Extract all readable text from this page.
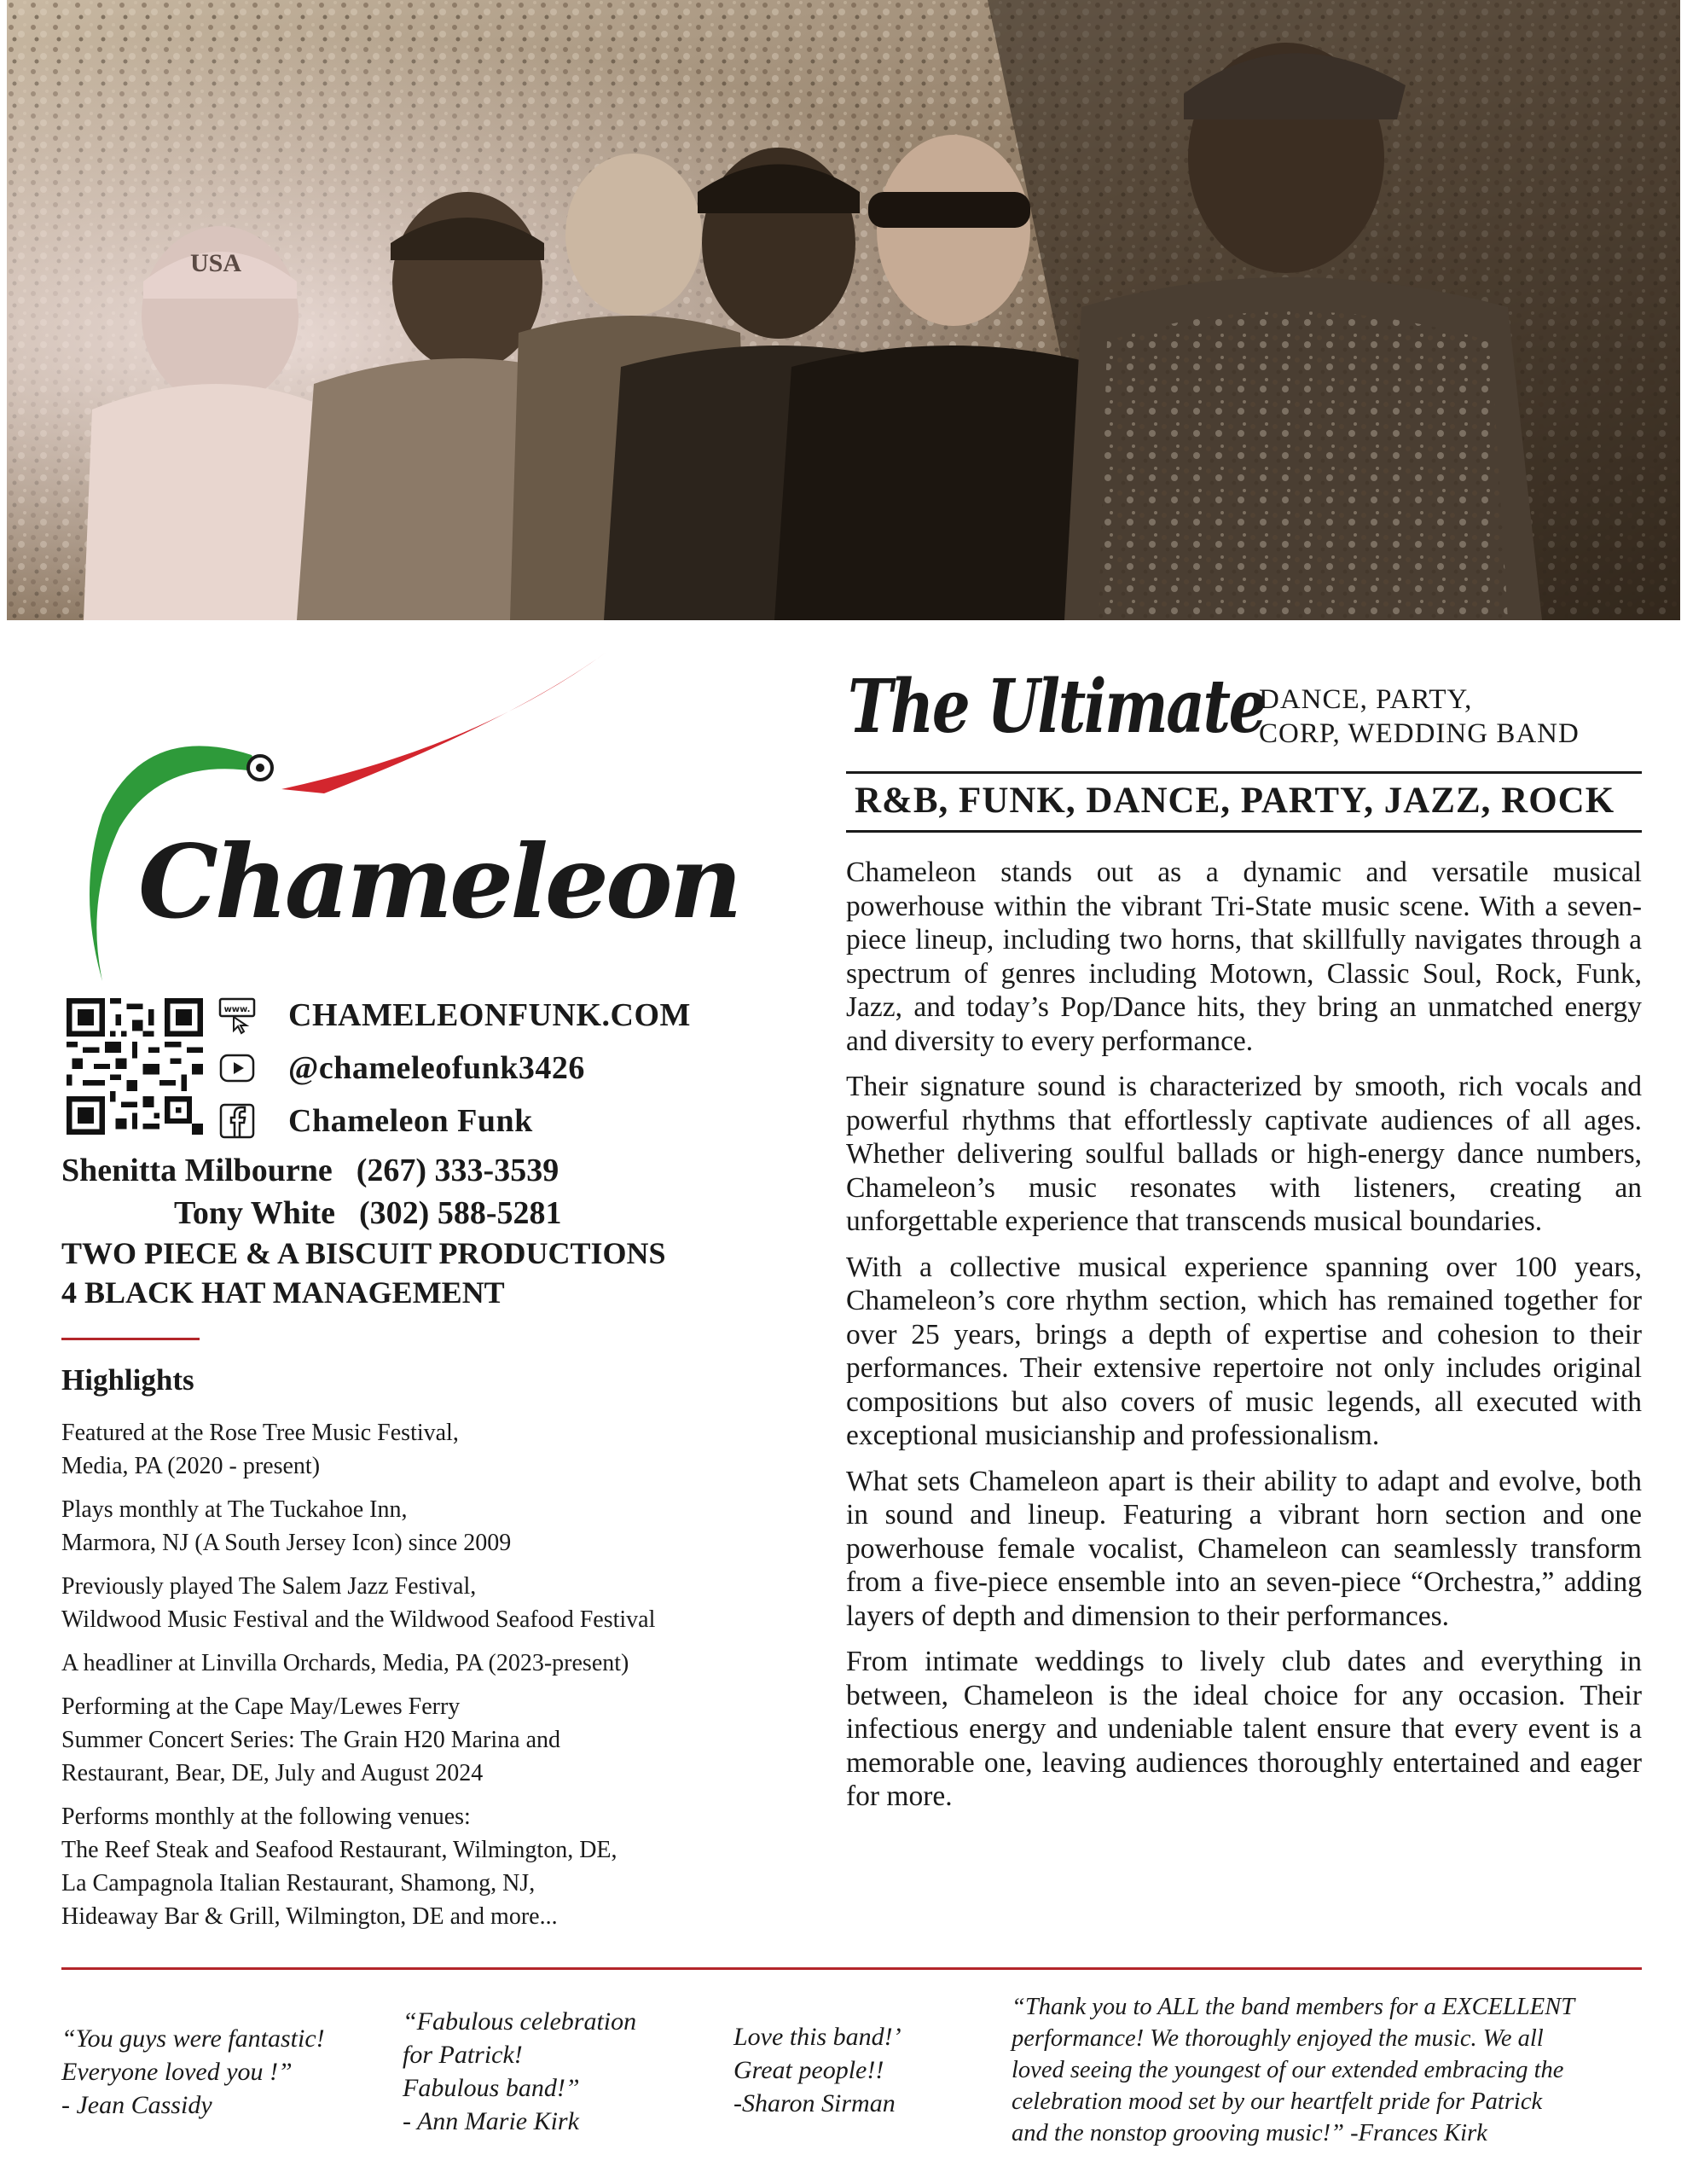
USA
Chameleon
www. CHAMELEONFUNK.COM
@chameleofunk3426
Chameleon Funk
Shenitta Milbourne (267) 333-3539
Tony White (302) 588-5281
TWO PIECE & A BISCUIT PRODUCTIONS
4 BLACK HAT MANAGEMENT
Highlights
Featured at the Rose Tree Music Festival,
Media, PA (2020 - present)
Plays monthly at The Tuckahoe Inn,
Marmora, NJ (A South Jersey Icon) since 2009
Previously played The Salem Jazz Festival,
Wildwood Music Festival and the Wildwood Seafood Festival
A headliner at Linvilla Orchards, Media, PA (2023-present)
Performing at the Cape May/Lewes Ferry
Summer Concert Series: The Grain H20 Marina and
Restaurant, Bear, DE, July and August 2024
Performs monthly at the following venues:
The Reef Steak and Seafood Restaurant, Wilmington, DE,
La Campagnola Italian Restaurant, Shamong, NJ,
Hideaway Bar & Grill, Wilmington, DE and more...
The Ultimate
DANCE, PARTY,
CORP, WEDDING BAND
R&B, FUNK, DANCE, PARTY, JAZZ, ROCK

Chameleon stands out as a dynamic and versatile musical powerhouse within the vibrant Tri-State music scene. With a seven-piece lineup, including two horns, that skillfully navigates through a spectrum of genres including Motown, Classic Soul, Rock, Funk, Jazz, and today’s Pop/Dance hits, they bring an unmatched energy and diversity to every performance.

Their signature sound is characterized by smooth, rich vocals and powerful rhythms that effortlessly captivate audiences of all ages. Whether delivering soulful ballads or high-energy dance numbers, Chameleon’s music resonates with listeners, creating an unforgettable experience that transcends musical boundaries.

With a collective musical experience spanning over 100 years, Chameleon’s core rhythm section, which has remained together for over 25 years, brings a depth of expertise and cohesion to their performances. Their extensive repertoire not only includes original compositions but also covers of music legends, all executed with exceptional musicianship and professionalism.

What sets Chameleon apart is their ability to adapt and evolve, both in sound and lineup. Featuring a vibrant horn section and one powerhouse female vocalist, Chameleon can seamlessly transform from a five-piece ensemble into an seven-piece “Orchestra,” adding layers of depth and dimension to their performances.

From intimate weddings to lively club dates and everything in between, Chameleon is the ideal choice for any occasion. Their infectious energy and undeniable talent ensure that every event is a memorable one, leaving audiences thoroughly entertained and eager for more.

“You guys were fantastic!
Everyone loved you !”
- Jean Cassidy
“Fabulous celebration
for Patrick!
Fabulous band!”
- Ann Marie Kirk
Love this band!’
Great people!!
-Sharon Sirman
“Thank you to ALL the band members for a EXCELLENT
performance! We thoroughly enjoyed the music. We all
loved seeing the youngest of our extended embracing the
celebration mood set by our heartfelt pride for Patrick
and the nonstop grooving music!” -Frances Kirk
